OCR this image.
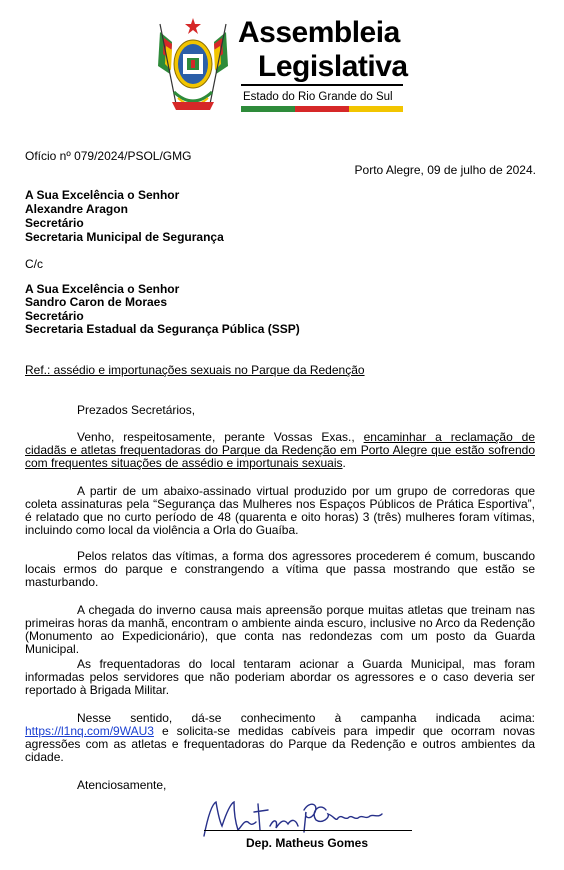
Assembleia
Legislativa
Estado do Rio Grande do Sul
Ofício nº 079/2024/PSOL/GMG
Porto Alegre, 09 de julho de 2024.
A Sua Excelência o Senhor
Alexandre Aragon
Secretário
Secretaria Municipal de Segurança
C/c
A Sua Excelência o Senhor
Sandro Caron de Moraes
Secretário
Secretaria Estadual da Segurança Pública (SSP)
Ref.: assédio e importunações sexuais no Parque da Redenção
Prezados Secretários,
Venho, respeitosamente, perante Vossas Exas., encaminhar a reclamação de cidadãs e atletas frequentadoras do Parque da Redenção em Porto Alegre que estão sofrendo com frequentes situações de assédio e importunais sexuais.
A partir de um abaixo-assinado virtual produzido por um grupo de corredoras que coleta assinaturas pela “Segurança das Mulheres nos Espaços Públicos de Prática Esportiva”, é relatado que no curto período de 48 (quarenta e oito horas) 3 (três) mulheres foram vítimas, incluindo como local da violência a Orla do Guaíba.
Pelos relatos das vítimas, a forma dos agressores procederem é comum, buscando locais ermos do parque e constrangendo a vítima que passa mostrando que estão se masturbando.
A chegada do inverno causa mais apreensão porque muitas atletas que treinam nas primeiras horas da manhã, encontram o ambiente ainda escuro, inclusive no Arco da Redenção (Monumento ao Expedicionário), que conta nas redondezas com um posto da Guarda Municipal.
As frequentadoras do local tentaram acionar a Guarda Municipal, mas foram informadas pelos servidores que não poderiam abordar os agressores e o caso deveria ser reportado à Brigada Militar.
Nesse sentido, dá-se conhecimento à campanha indicada acima: https://l1nq.com/9WAU3 e solicita-se medidas cabíveis para impedir que ocorram novas agressões com as atletas e frequentadoras do Parque da Redenção e outros ambientes da cidade.
Atenciosamente,
Dep. Matheus Gomes
